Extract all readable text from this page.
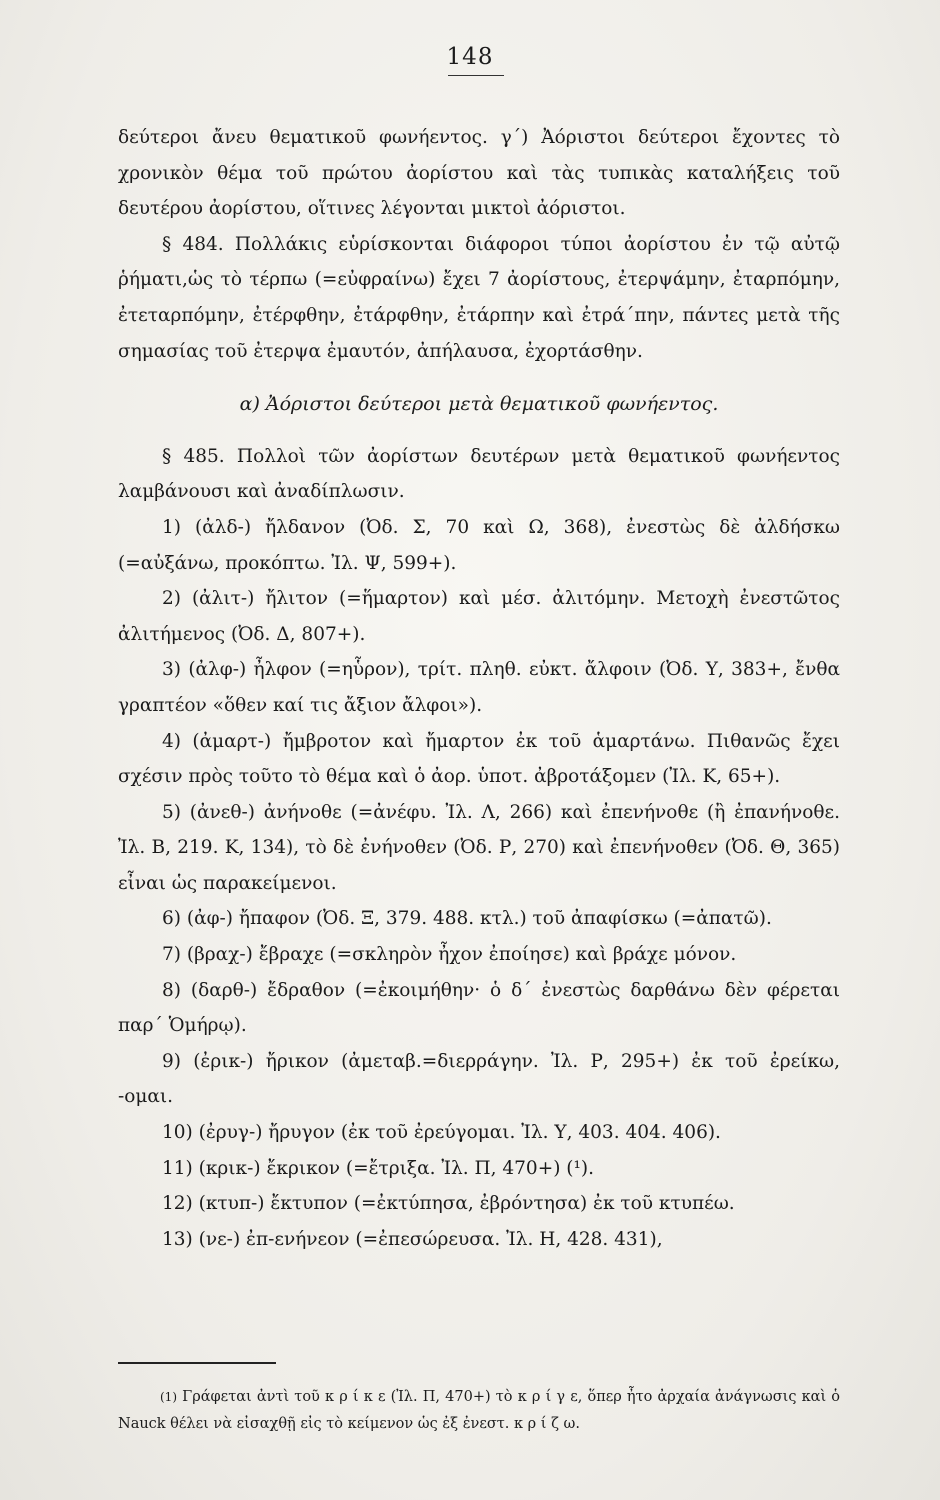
148

δεύτεροι ἄνευ θεματικοῦ φωνήεντος. γ΄) Ἀόριστοι δεύτεροι ἔχοντες τὸ χρονικὸν θέμα τοῦ πρώτου ἀορίστου καὶ τὰς τυπικὰς καταλήξεις τοῦ δευτέρου ἀορίστου, οἵτινες λέγονται μικτοὶ ἀόριστοι.

§ 484. Πολλάκις εὑρίσκονται διάφοροι τύποι ἀορίστου ἐν τῷ αὐτῷ ῥήματι,ὡς τὸ τέρπω (=εὐφραίνω) ἔχει 7 ἀορίστους, ἐτερψάμην, ἐταρπόμην, ἐτεταρπόμην, ἐτέρφθην, ἐτάρφθην, ἐτάρπην καὶ ἐτρά΄πην, πάντες μετὰ τῆς σημασίας τοῦ ἐτερψα ἐμαυτόν, ἀπήλαυσα, ἐχορτάσθην.

α) Ἀόριστοι δεύτεροι μετὰ θεματικοῦ φωνήεντος.

§ 485. Πολλοὶ τῶν ἀορίστων δευτέρων μετὰ θεματικοῦ φωνήεντος λαμβάνουσι καὶ ἀναδίπλωσιν.

1) (ἀλδ-) ἤλδανον (Ὀδ. Σ, 70 καὶ Ω, 368), ἐνεστὼς δὲ ἀλδήσκω (=αὐξάνω, προκόπτω. Ἰλ. Ψ, 599+).

2) (ἀλιτ-) ἤλιτον (=ἥμαρτον) καὶ μέσ. ἀλιτόμην. Μετοχὴ ἐνεστῶτος ἀλιτήμενος (Ὀδ. Δ, 807+).

3) (ἀλφ-) ἦλφον (=ηὗρον), τρίτ. πληθ. εὐκτ. ἄλφοιν (Ὀδ. Υ, 383+, ἔνθα γραπτέον «ὅθεν καί τις ἄξιον ἄλφοι»).

4) (ἀμαρτ-) ἤμβροτον καὶ ἤμαρτον ἐκ τοῦ ἁμαρτάνω. Πιθανῶς ἔχει σχέσιν πρὸς τοῦτο τὸ θέμα καὶ ὁ ἀορ. ὑποτ. ἀβροτάξομεν (Ἰλ. Κ, 65+).

5) (ἀνεθ-) ἀνήνοθε (=ἀνέφυ. Ἰλ. Λ, 266) καὶ ἐπενήνοθε (ἢ ἐπανήνοθε. Ἰλ. Β, 219. Κ, 134), τὸ δὲ ἐνήνοθεν (Ὀδ. Ρ, 270) καὶ ἐπενήνοθεν (Ὀδ. Θ, 365) εἶναι ὡς παρακείμενοι.

6) (ἀφ-) ἤπαφον (Ὀδ. Ξ, 379. 488. κτλ.) τοῦ ἀπαφίσκω (=ἀπατῶ).

7) (βραχ-) ἔβραχε (=σκληρὸν ἦχον ἐποίησε) καὶ βράχε μόνον.

8) (δαρθ-) ἔδραθον (=ἐκοιμήθην· ὁ δ΄ ἐνεστὼς δαρθάνω δὲν φέρεται παρ΄ Ὁμήρῳ).

9) (ἐρικ-) ἤρικον (ἀμεταβ.=διερράγην. Ἰλ. Ρ, 295+) ἐκ τοῦ ἐρείκω, -ομαι.

10) (ἐρυγ-) ἤρυγον (ἐκ τοῦ ἐρεύγομαι. Ἰλ. Υ, 403. 404. 406).

11) (κρικ-) ἔκρικον (=ἔτριξα. Ἰλ. Π, 470+) (¹).

12) (κτυπ-) ἔκτυπον (=ἐκτύπησα, ἐβρόντησα) ἐκ τοῦ κτυπέω.

13) (νε-) ἐπ-ενήνεον (=ἐπεσώρευσα. Ἰλ. Η, 428. 431),

(1) Γράφεται ἀντὶ τοῦ κ ρ ί κ ε (Ἰλ. Π, 470+) τὸ κ ρ ί γ ε, ὅπερ ἦτο ἀρχαία ἀνάγνωσις καὶ ὁ Nauck θέλει νὰ εἰσαχθῇ εἰς τὸ κείμενον ὡς ἐξ ἐνεστ. κ ρ ί ζ ω.
